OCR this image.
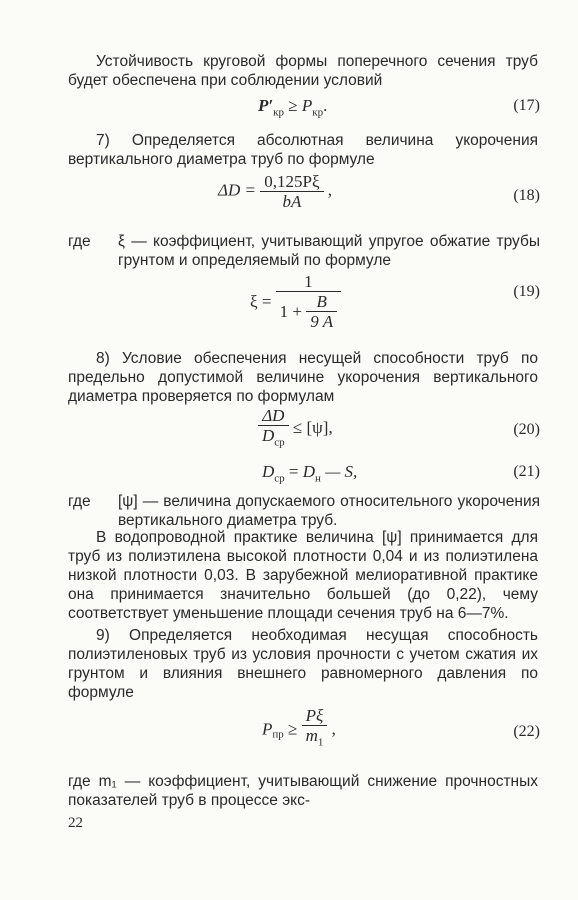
Устойчивость круговой формы поперечного сечения труб будет обеспечена при соблюдении условий
$P'_{кр} \ge P_{кр}$.	(17)
7) Определяется абсолютная величина укорочения вертикального диаметра труб по формуле
$\Delta D = \frac{0,125P\xi}{bA}$ ,	(18)
где ξ — коэффициент, учитывающий упругое обжатие трубы грунтом и определяемый по формуле
$\xi = \frac{1}{1 + \frac{B}{9 A}}$	(19)
8) Условие обеспечения несущей способности труб по предельно допустимой величине укорочения вертикального диаметра проверяется по формулам
$\frac{\Delta D}{D_{ср}} \le [\psi]$,	(20)
$D_{ср} = D_н$ — S,	(21)
где [ψ] — величина допускаемого относительного укорочения вертикального диаметра труб.
В водопроводной практике величина [ψ] принимается для труб из полиэтилена высокой плотности 0,04 и из полиэтилена низкой плотности 0,03. В зарубежной мелиоративной практике она принимается значительно большей (до 0,22), чему соответствует уменьшение площади сечения труб на 6—7%.
9) Определяется необходимая несущая способность полиэтиленовых труб из условия прочности с учетом сжатия их грунтом и влияния внешнего равномерного давления по формуле
$P_{пр} \ge \frac{P\xi}{m_1}$ ,	(22)
где m₁ — коэффициент, учитывающий снижение прочностных показателей труб в процессе экс-
22
